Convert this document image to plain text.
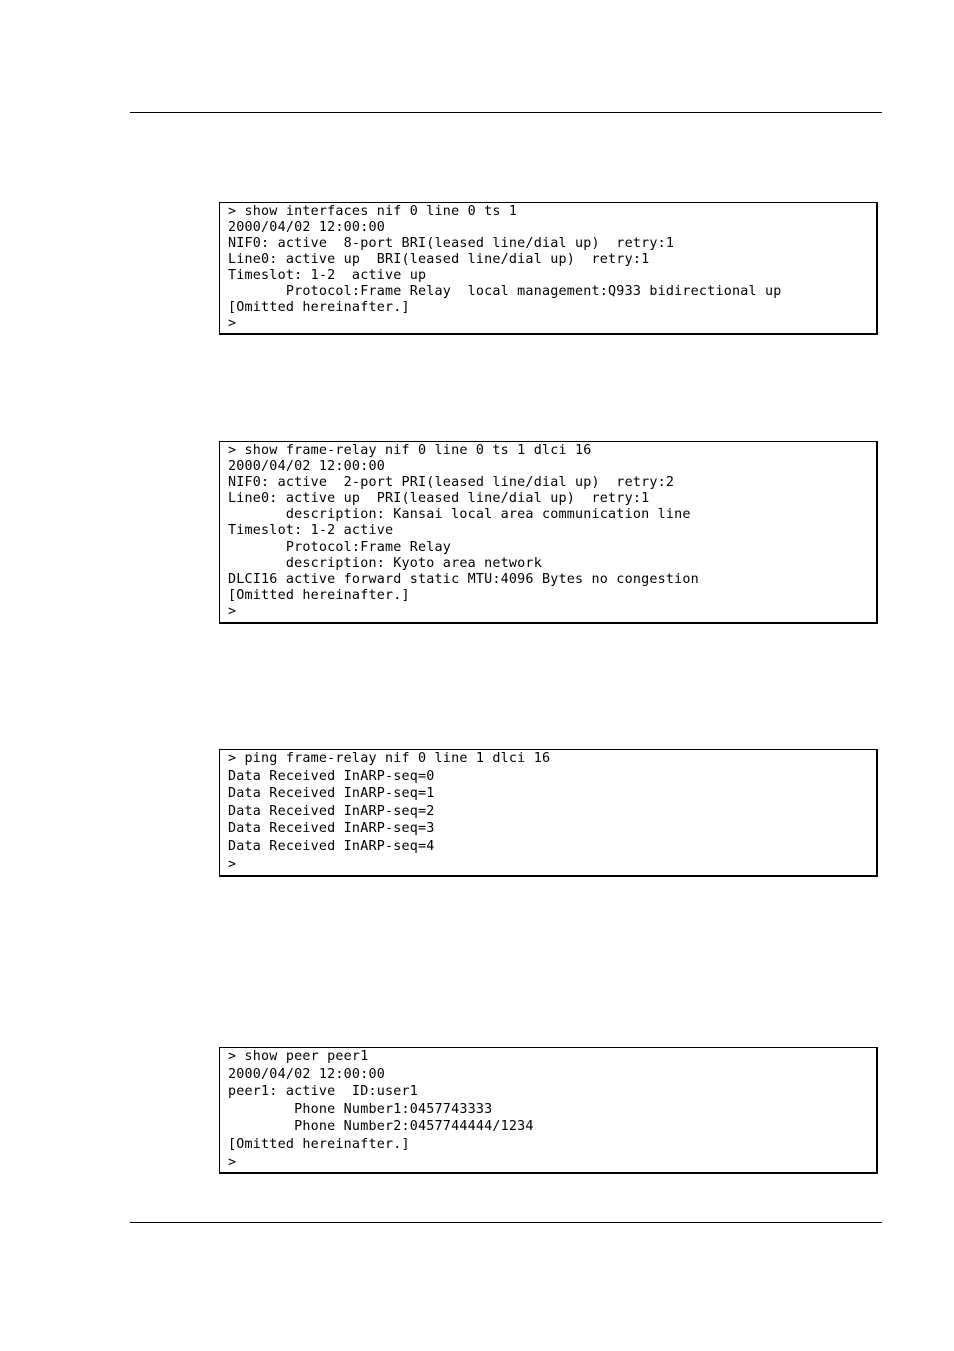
> show interfaces nif 0 line 0 ts 1
2000/04/02 12:00:00
NIF0: active  8-port BRI(leased line/dial up)  retry:1
Line0: active up  BRI(leased line/dial up)  retry:1
Timeslot: 1-2  active up
Protocol:Frame Relay  local management:Q933 bidirectional up
[Omitted hereinafter.]
>
> show frame-relay nif 0 line 0 ts 1 dlci 16
2000/04/02 12:00:00
NIF0: active  2-port PRI(leased line/dial up)  retry:2
Line0: active up  PRI(leased line/dial up)  retry:1
description: Kansai local area communication line
Timeslot: 1-2 active
Protocol:Frame Relay
description: Kyoto area network
DLCI16 active forward static MTU:4096 Bytes no congestion
[Omitted hereinafter.]
>
> ping frame-relay nif 0 line 1 dlci 16
Data Received InARP-seq=0
Data Received InARP-seq=1
Data Received InARP-seq=2
Data Received InARP-seq=3
Data Received InARP-seq=4
>
> show peer peer1
2000/04/02 12:00:00
peer1: active  ID:user1
Phone Number1:0457743333
Phone Number2:0457744444/1234
[Omitted hereinafter.]
>
